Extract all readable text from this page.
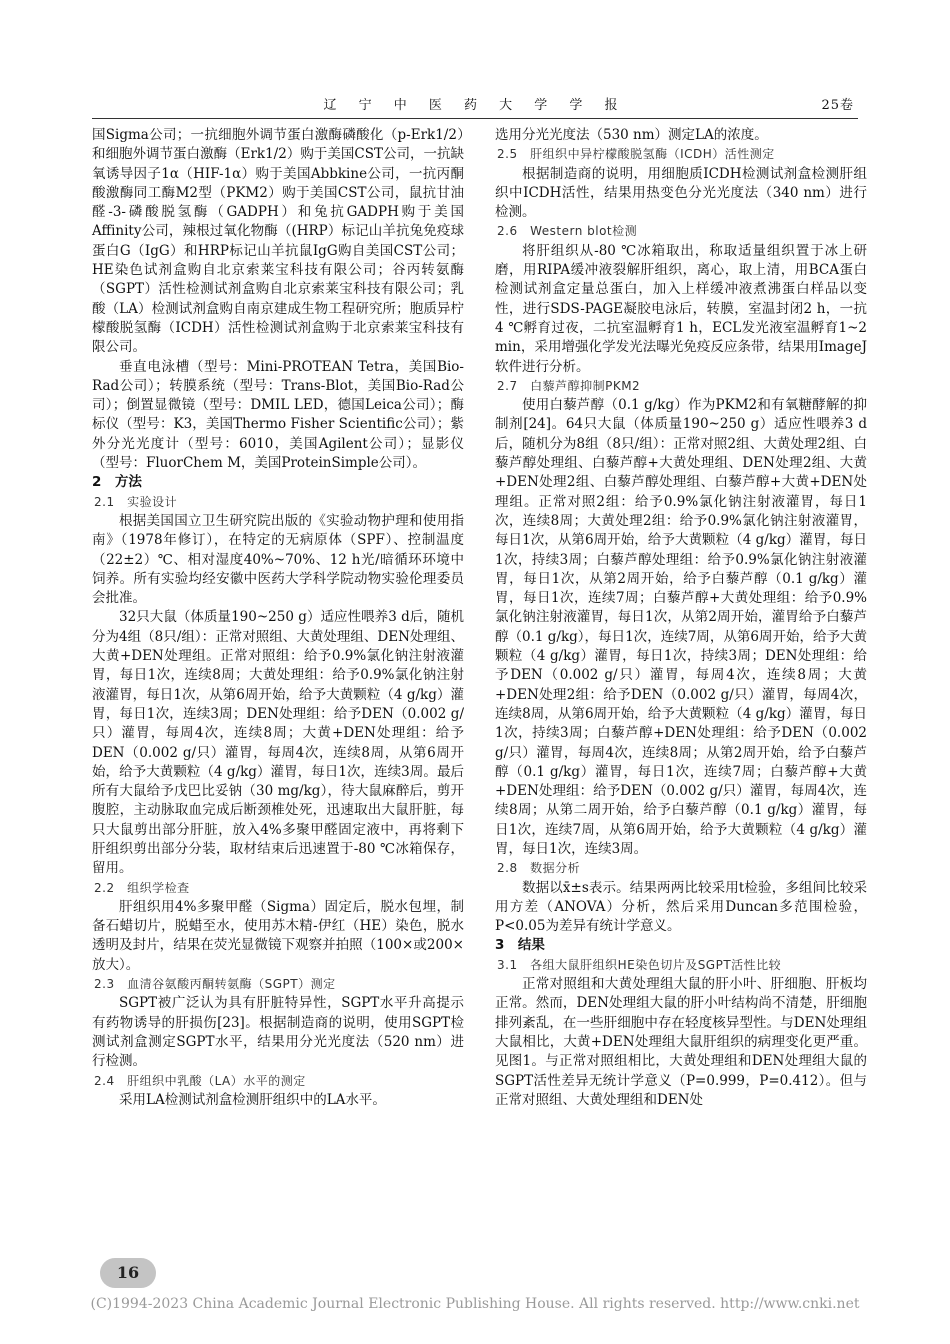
辽 宁 中 医 药 大 学 学 报	25卷

国Sigma公司；一抗细胞外调节蛋白激酶磷酸化（p-Erk1/2）和细胞外调节蛋白激酶（Erk1/2）购于美国CST公司，一抗缺氧诱导因子1α（HIF-1α）购于美国Abbkine公司，一抗丙酮酸激酶同工酶M2型（PKM2）购于美国CST公司，鼠抗甘油醛-3-磷酸脱氢酶（GADPH）和兔抗GADPH购于美国Affinity公司，辣根过氧化物酶（(HRP）标记山羊抗兔免疫球蛋白G（IgG）和HRP标记山羊抗鼠IgG购自美国CST公司；HE染色试剂盒购自北京索莱宝科技有限公司；谷丙转氨酶（SGPT）活性检测试剂盒购自北京索莱宝科技有限公司；乳酸（LA）检测试剂盒购自南京建成生物工程研究所；胞质异柠檬酸脱氢酶（ICDH）活性检测试剂盒购于北京索莱宝科技有限公司。

垂直电泳槽（型号：Mini-PROTEAN Tetra，美国Bio-Rad公司）；转膜系统（型号：Trans-Blot，美国Bio-Rad公司）；倒置显微镜（型号：DMIL LED，德国Leica公司）；酶标仪（型号：K3，美国Thermo Fisher Scientific公司）；紫外分光光度计（型号：6010，美国Agilent公司）；显影仪（型号：FluorChem M，美国ProteinSimple公司）。

2　方法

2.1　实验设计

根据美国国立卫生研究院出版的《实验动物护理和使用指南》（1978年修订），在特定的无病原体（SPF）、控制温度（22±2）℃、相对湿度40%~70%、12 h光/暗循环环境中饲养。所有实验均经安徽中医药大学科学院动物实验伦理委员会批准。

32只大鼠（体质量190~250 g）适应性喂养3 d后，随机分为4组（8只/组）：正常对照组、大黄处理组、DEN处理组、大黄+DEN处理组。正常对照组：给予0.9%氯化钠注射液灌胃，每日1次，连续8周；大黄处理组：给予0.9%氯化钠注射液灌胃，每日1次，从第6周开始，给予大黄颗粒（4 g/kg）灌胃，每日1次，连续3周；DEN处理组：给予DEN（0.002 g/只）灌胃，每周4次，连续8周；大黄+DEN处理组：给予DEN（0.002 g/只）灌胃，每周4次，连续8周，从第6周开始，给予大黄颗粒（4 g/kg）灌胃，每日1次，连续3周。最后所有大鼠给予戊巴比妥钠（30 mg/kg），待大鼠麻醉后，剪开腹腔，主动脉取血完成后断颈椎处死，迅速取出大鼠肝脏，每只大鼠剪出部分肝脏，放入4%多聚甲醛固定液中，再将剩下肝组织剪出部分分装，取材结束后迅速置于-80 ℃冰箱保存，留用。

2.2　组织学检查

肝组织用4%多聚甲醛（Sigma）固定后，脱水包埋，制备石蜡切片，脱蜡至水，使用苏木精-伊红（HE）染色，脱水透明及封片，结果在荧光显微镜下观察并拍照（100×或200×放大）。

2.3　血清谷氨酸丙酮转氨酶（SGPT）测定

SGPT被广泛认为具有肝脏特异性，SGPT水平升高提示有药物诱导的肝损伤[23]。根据制造商的说明，使用SGPT检测试剂盒测定SGPT水平，结果用分光光度法（520 nm）进行检测。

2.4　肝组织中乳酸（LA）水平的测定

采用LA检测试剂盒检测肝组织中的LA水平。

选用分光光度法（530 nm）测定LA的浓度。

2.5　肝组织中异柠檬酸脱氢酶（ICDH）活性测定

根据制造商的说明，用细胞质ICDH检测试剂盒检测肝组织中ICDH活性，结果用热变色分光光度法（340 nm）进行检测。

2.6　Western blot检测

将肝组织从-80 ℃冰箱取出，称取适量组织置于冰上研磨，用RIPA缓冲液裂解肝组织，离心，取上清，用BCA蛋白检测试剂盒定量总蛋白，加入上样缓冲液煮沸蛋白样品以变性，进行SDS-PAGE凝胶电泳后，转膜，室温封闭2 h，一抗4 ℃孵育过夜，二抗室温孵育1 h，ECL发光液室温孵育1~2 min，采用增强化学发光法曝光免疫反应条带，结果用ImageJ软件进行分析。

2.7　白藜芦醇抑制PKM2

使用白藜芦醇（0.1 g/kg）作为PKM2和有氧糖酵解的抑制剂[24]。64只大鼠（体质量190~250 g）适应性喂养3 d后，随机分为8组（8只/组）：正常对照2组、大黄处理2组、白藜芦醇处理组、白藜芦醇+大黄处理组、DEN处理2组、大黄+DEN处理2组、白藜芦醇处理组、白藜芦醇+大黄+DEN处理组。正常对照2组：给予0.9%氯化钠注射液灌胃，每日1次，连续8周；大黄处理2组：给予0.9%氯化钠注射液灌胃，每日1次，从第6周开始，给予大黄颗粒（4 g/kg）灌胃，每日1次，持续3周；白藜芦醇处理组：给予0.9%氯化钠注射液灌胃，每日1次，从第2周开始，给予白藜芦醇（0.1 g/kg）灌胃，每日1次，连续7周；白藜芦醇+大黄处理组：给予0.9%氯化钠注射液灌胃，每日1次，从第2周开始，灌胃给予白藜芦醇（0.1 g/kg），每日1次，连续7周，从第6周开始，给予大黄颗粒（4 g/kg）灌胃，每日1次，持续3周；DEN处理组：给予DEN（0.002 g/只）灌胃，每周4次，连续8周；大黄+DEN处理2组：给予DEN（0.002 g/只）灌胃，每周4次，连续8周，从第6周开始，给予大黄颗粒（4 g/kg）灌胃，每日1次，持续3周；白藜芦醇+DEN处理组：给予DEN（0.002 g/只）灌胃，每周4次，连续8周；从第2周开始，给予白藜芦醇（0.1 g/kg）灌胃，每日1次，连续7周；白藜芦醇+大黄+DEN处理组：给予DEN（0.002 g/只）灌胃，每周4次，连续8周；从第二周开始，给予白藜芦醇（0.1 g/kg）灌胃，每日1次，连续7周，从第6周开始，给予大黄颗粒（4 g/kg）灌胃，每日1次，连续3周。

2.8　数据分析

数据以x̄±s表示。结果两两比较采用t检验，多组间比较采用方差（ANOVA）分析，然后采用Duncan多范围检验，P<0.05为差异有统计学意义。

3　结果

3.1　各组大鼠肝组织HE染色切片及SGPT活性比较

正常对照组和大黄处理组大鼠的肝小叶、肝细胞、肝板均正常。然而，DEN处理组大鼠的肝小叶结构尚不清楚，肝细胞排列紊乱，在一些肝细胞中存在轻度核异型性。与DEN处理组大鼠相比，大黄+DEN处理组大鼠肝组织的病理变化更严重。见图1。与正常对照组相比，大黄处理组和DEN处理组大鼠的SGPT活性差异无统计学意义（P=0.999，P=0.412）。但与正常对照组、大黄处理组和DEN处

16
(C)1994-2023 China Academic Journal Electronic Publishing House. All rights reserved. http://www.cnki.net
